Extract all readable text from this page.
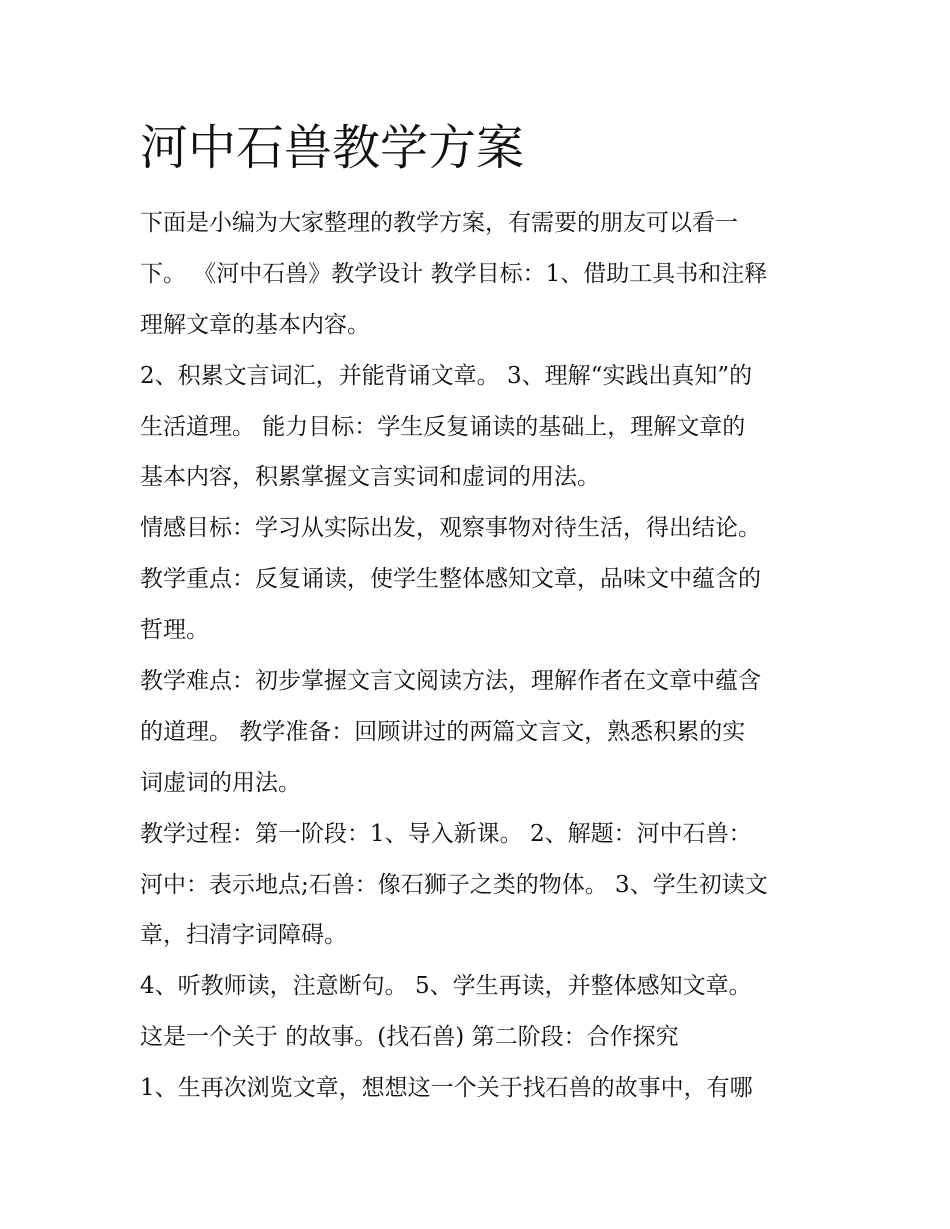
河中石兽教学方案
下面是小编为大家整理的教学方案，有需要的朋友可以看一
下。 《河中石兽》教学设计 教学目标：1、借助工具书和注释
理解文章的基本内容。
2、积累文言词汇，并能背诵文章。 3、理解“实践出真知”的
生活道理。 能力目标：学生反复诵读的基础上，理解文章的
基本内容，积累掌握文言实词和虚词的用法。
情感目标：学习从实际出发，观察事物对待生活，得出结论。
教学重点：反复诵读，使学生整体感知文章，品味文中蕴含的
哲理。
教学难点：初步掌握文言文阅读方法，理解作者在文章中蕴含
的道理。 教学准备：回顾讲过的两篇文言文，熟悉积累的实
词虚词的用法。
教学过程：第一阶段：1、导入新课。 2、解题：河中石兽：
河中：表示地点;石兽：像石狮子之类的物体。 3、学生初读文
章，扫清字词障碍。
4、听教师读，注意断句。 5、学生再读，并整体感知文章。
这是一个关于 的故事。(找石兽) 第二阶段：合作探究
1、生再次浏览文章，想想这一个关于找石兽的故事中，有哪
